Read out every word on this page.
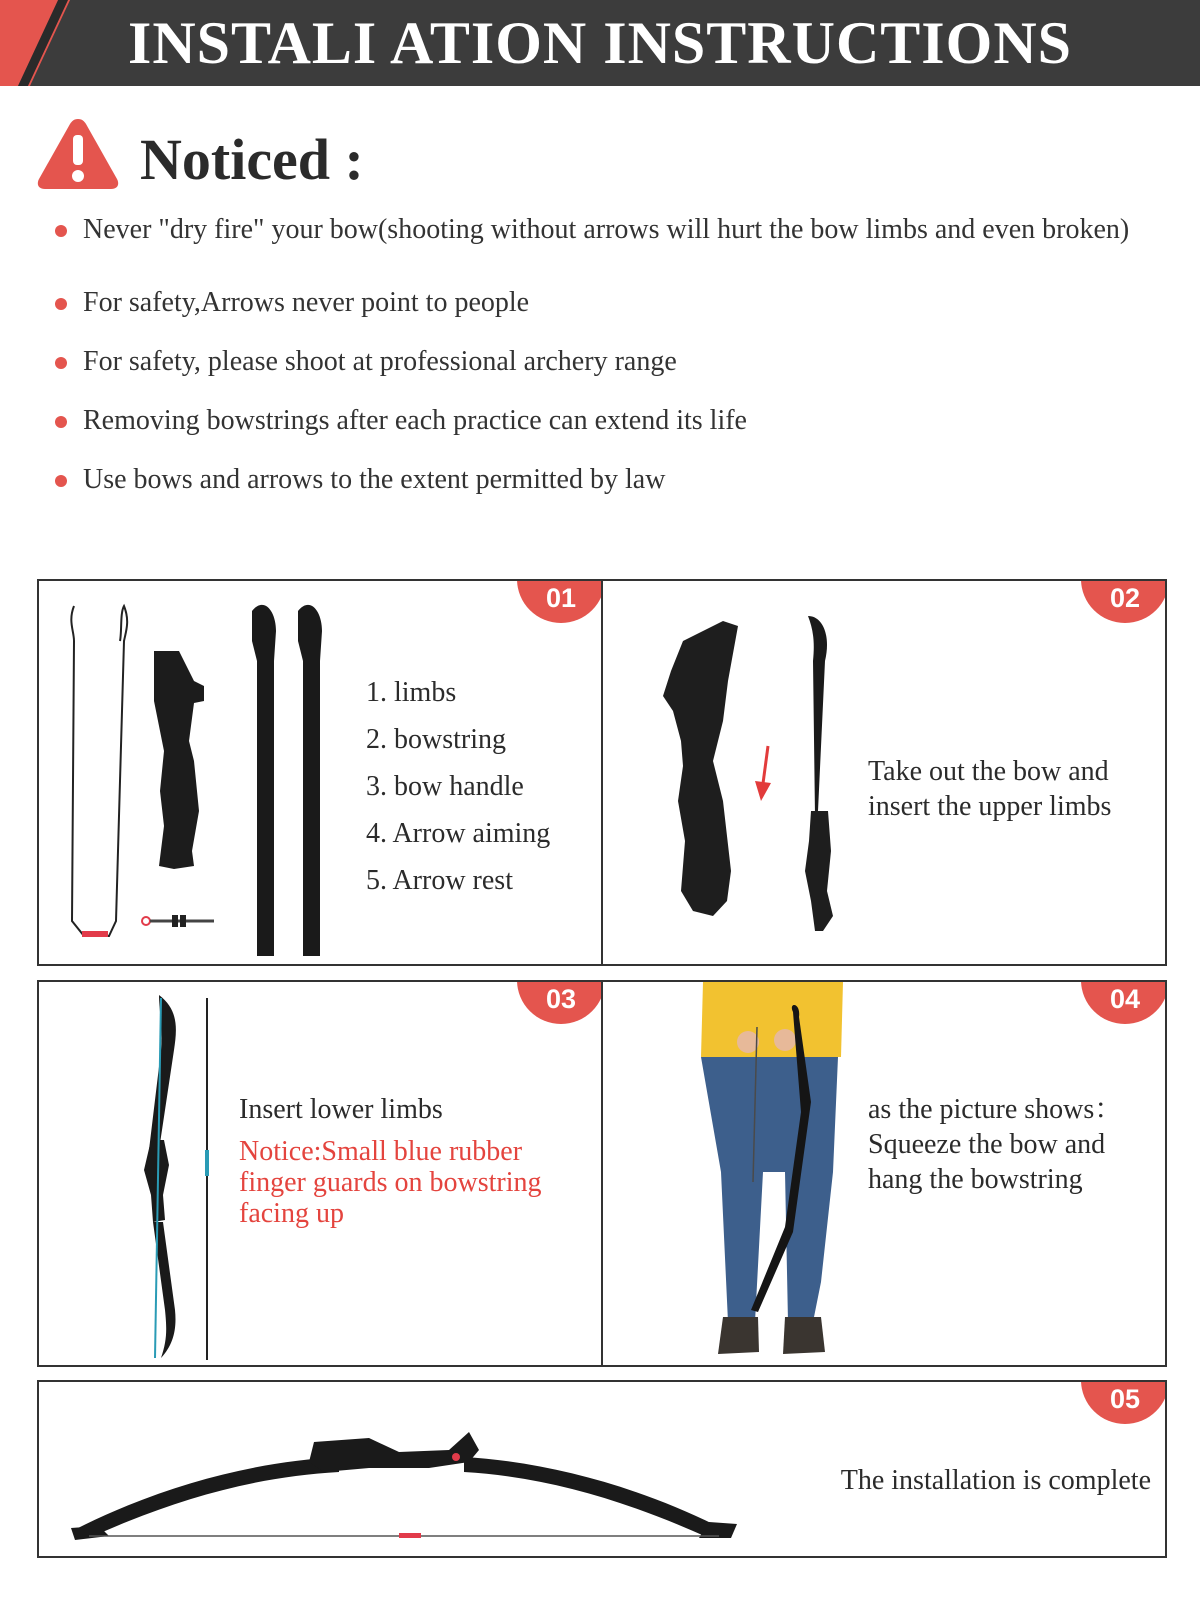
INSTALI ATION INSTRUCTIONS
Noticed :
Never "dry fire" your bow(shooting without arrows will hurt the bow limbs and even broken)
For safety,Arrows never point to people
For safety, please shoot at professional archery range
Removing bowstrings after each practice can extend its life
Use bows and arrows to the extent permitted by law
01
1. limbs
2. bowstring
3. bow handle
4. Arrow aiming
5. Arrow rest
02
Take out the bow and insert the upper limbs
03
Insert lower limbs
Notice:Small blue rubber finger guards on bowstring facing up
04
as the picture shows： Squeeze the bow and hang the bowstring
05
The installation is complete
